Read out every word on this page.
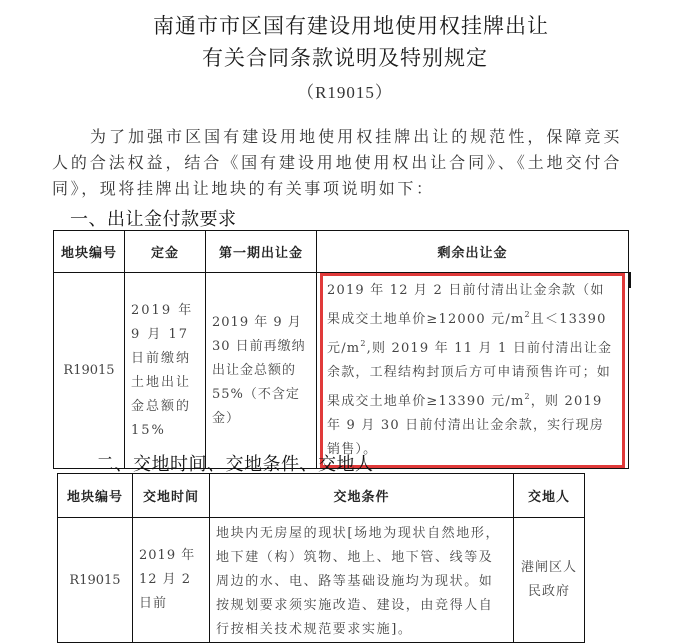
南通市市区国有建设用地使用权挂牌出让
有关合同条款说明及特别规定
（R19015）
为了加强市区国有建设用地使用权挂牌出让的规范性，保障竞买人的合法权益，结合《国有建设用地使用权出让合同》、《土地交付合同》，现将挂牌出让地块的有关事项说明如下：
一、出让金付款要求
地块编号	定金	第一期出让金	剩余出让金
R19015	2019 年 9 月 17 日前缴纳土地出让金总额的 15%	2019 年 9 月 30 日前再缴纳出让金总额的 55%（不含定金）	2019 年 12 月 2 日前付清出让金余款（如果成交土地单价≥12000 元$/m^2$且＜13390 元$/m^2$,则 2019 年 11 月 1 日前付清出让金余款，工程结构封顶后方可申请预售许可；如果成交土地单价≥13390 元$/m^2$，则 2019 年 9 月 30 日前付清出让金余款，实行现房销售）。
二、交地时间、交地条件、交地人
地块编号	交地时间	交地条件	交地人
R19015	2019 年 12 月 2 日前	地块内无房屋的现状[场地为现状自然地形，地下建（构）筑物、地上、地下管、线等及周边的水、电、路等基础设施均为现状。如按规划要求须实施改造、建设，由竞得人自行按相关技术规范要求实施]。	港闸区人民政府
